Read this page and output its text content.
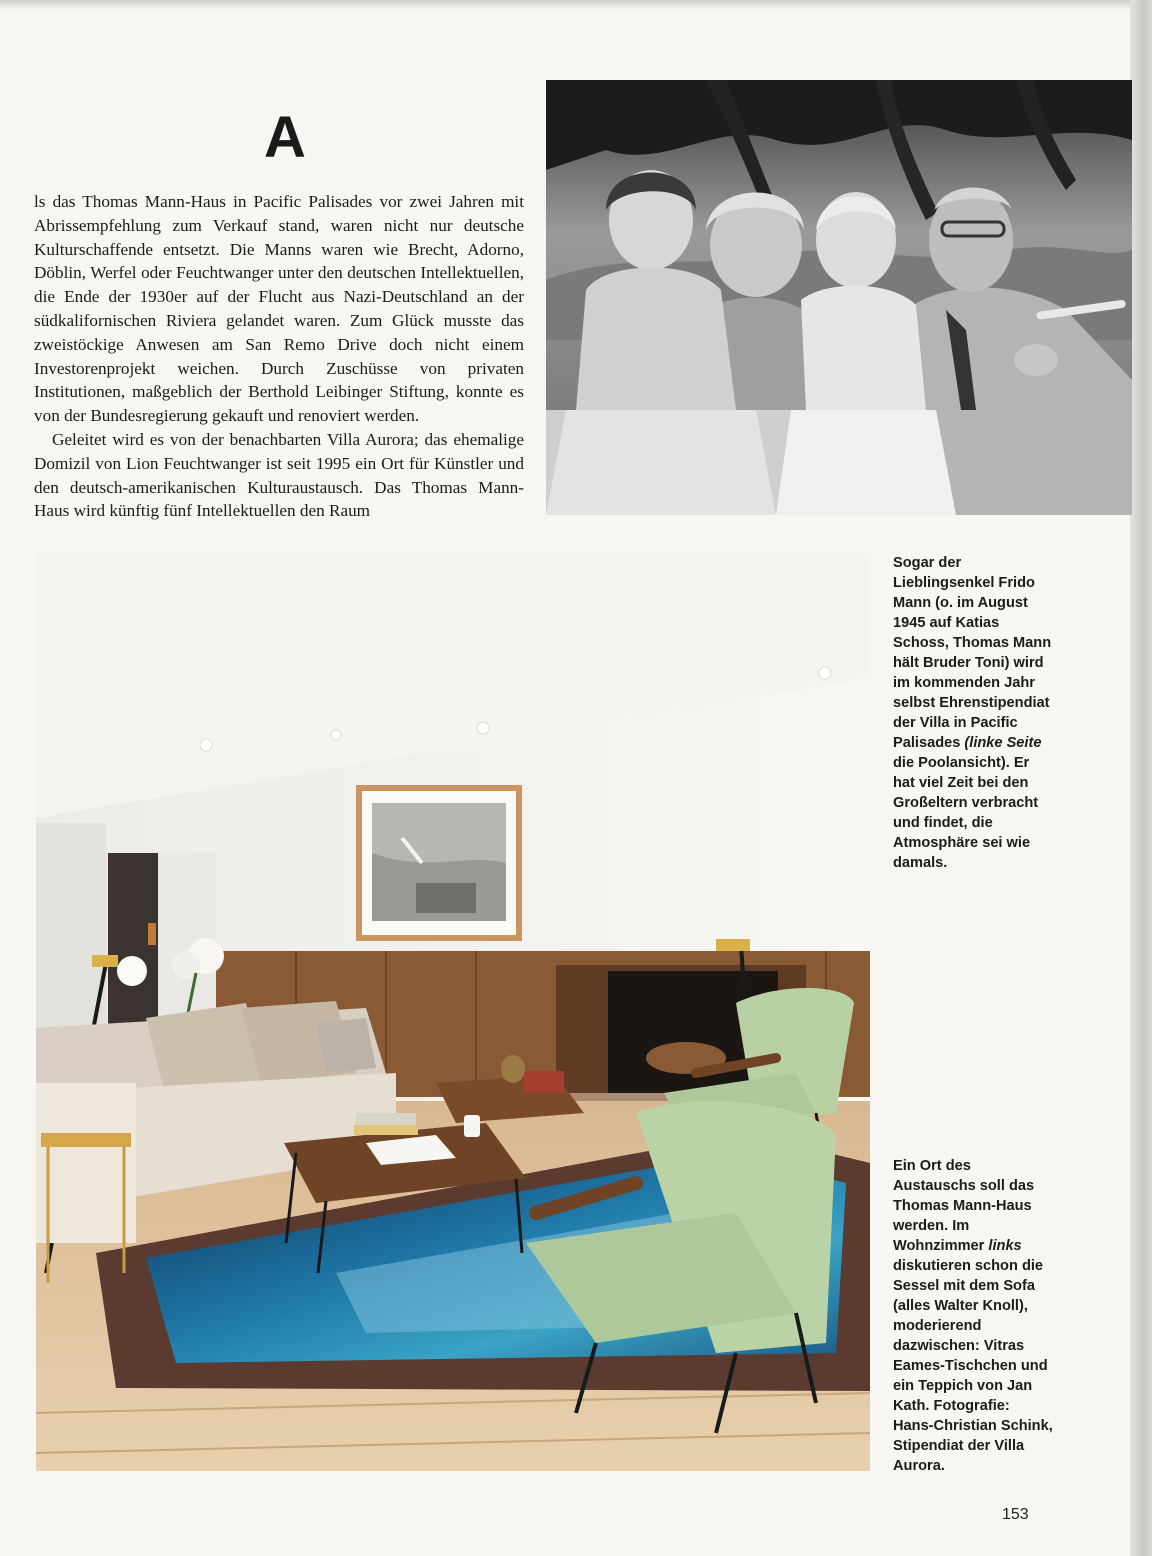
A

ls das Thomas Mann-Haus in Pacific Palisades vor zwei Jahren mit Abrissempfehlung zum Verkauf stand, waren nicht nur deutsche Kulturschaffende entsetzt. Die Manns waren wie Brecht, Adorno, Döblin, Werfel oder Feuchtwanger unter den deutschen Intellektuellen, die Ende der 1930er auf der Flucht aus Nazi-Deutschland an der südkalifornischen Riviera gelandet waren. Zum Glück musste das zweistöckige Anwesen am San Remo Drive doch nicht einem Investorenprojekt weichen. Durch Zuschüsse von privaten Institutionen, maßgeblich der Berthold Leibinger Stiftung, konnte es von der Bundesregierung gekauft und renoviert werden.

Geleitet wird es von der benachbarten Villa Aurora; das ehemalige Domizil von Lion Feuchtwanger ist seit 1995 ein Ort für Künstler und den deutsch-amerikanischen Kulturaustausch. Das Thomas Mann-Haus wird künftig fünf Intellektuellen den Raum

Sogar der Lieblingsenkel Frido Mann (o. im August 1945 auf Katias Schoss, Thomas Mann hält Bruder Toni) wird im kommenden Jahr selbst Ehrenstipendiat der Villa in Pacific Palisades (linke Seite die Poolansicht). Er hat viel Zeit bei den Großeltern verbracht und findet, die Atmosphäre sei wie damals.
Ein Ort des Austauschs soll das Thomas Mann-Haus werden. Im Wohnzimmer links diskutieren schon die Sessel mit dem Sofa (alles Walter Knoll), moderierend dazwischen: Vitras Eames-Tischchen und ein Teppich von Jan Kath. Fotografie: Hans-Christian Schink, Stipendiat der Villa Aurora.
153
